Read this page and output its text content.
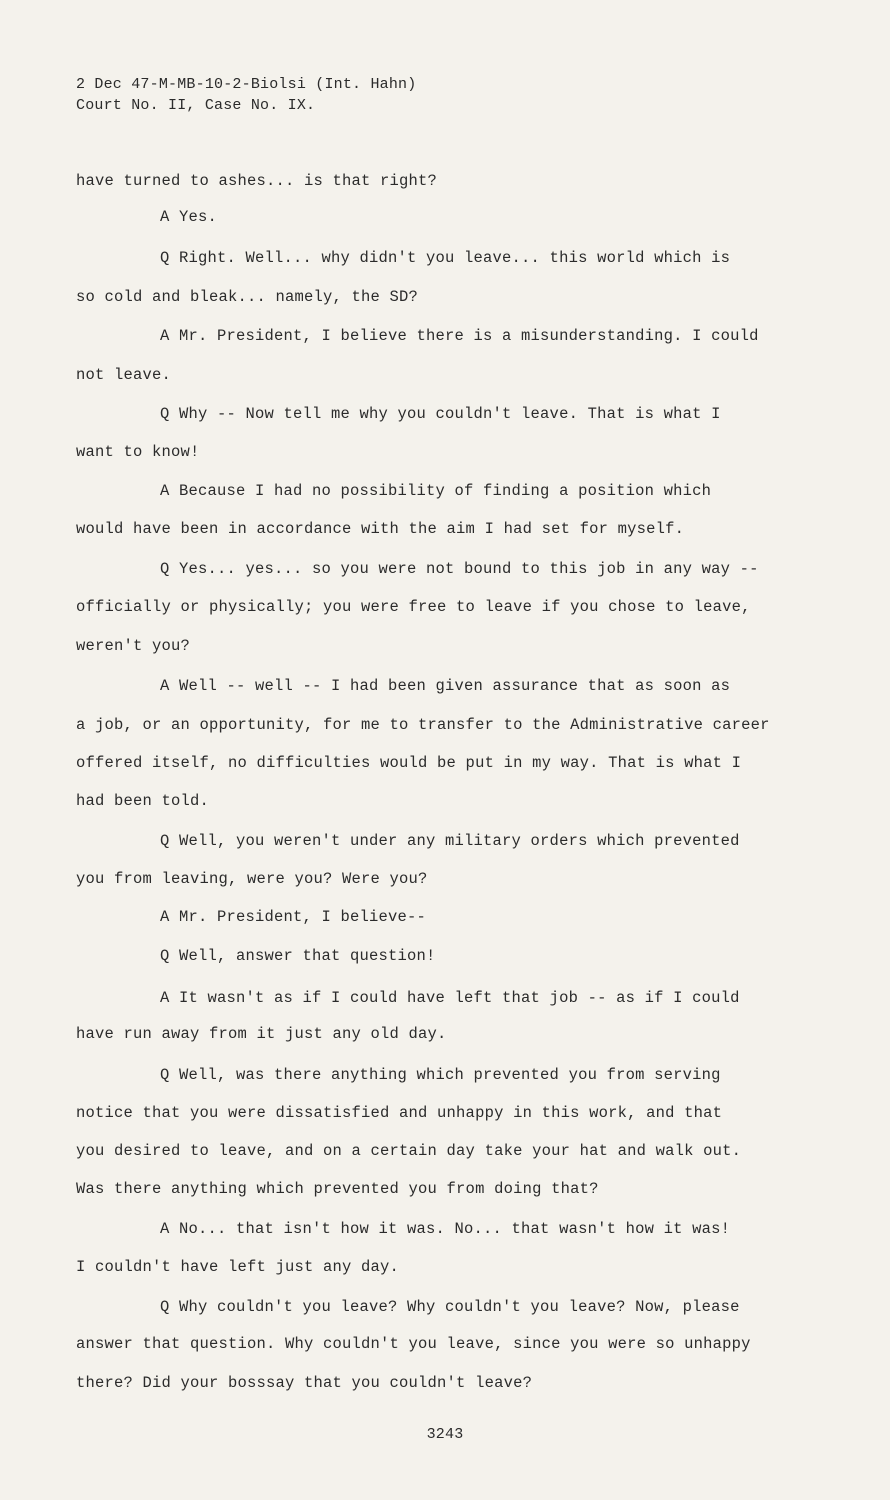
2 Dec 47-M-MB-10-2-Biolsi (Int. Hahn)
Court No. II, Case No. IX.
have turned to ashes... is that right?
A Yes.
Q Right. Well... why didn't you leave... this world which is
so cold and bleak... namely, the SD?
A Mr. President, I believe there is a misunderstanding. I could
not leave.
Q Why -- Now tell me why you couldn't leave. That is what I
want to know!
A Because I had no possibility of finding a position which
would have been in accordance with the aim I had set for myself.
Q Yes... yes... so you were not bound to this job in any way --
officially or physically; you were free to leave if you chose to leave,
weren't you?
A Well -- well -- I had been given assurance that as soon as
a job, or an opportunity, for me to transfer to the Administrative career
offered itself, no difficulties would be put in my way. That is what I
had been told.
Q Well, you weren't under any military orders which prevented
you from leaving, were you? Were you?
A Mr. President, I believe--
Q Well, answer that question!
A It wasn't as if I could have left that job -- as if I could
have run away from it just any old day.
Q Well, was there anything which prevented you from serving
notice that you were dissatisfied and unhappy in this work, and that
you desired to leave, and on a certain day take your hat and walk out.
Was there anything which prevented you from doing that?
A No... that isn't how it was. No... that wasn't how it was!
I couldn't have left just any day.
Q Why couldn't you leave? Why couldn't you leave? Now, please
answer that question. Why couldn't you leave, since you were so unhappy
there? Did your bosssay that you couldn't leave?
3243
